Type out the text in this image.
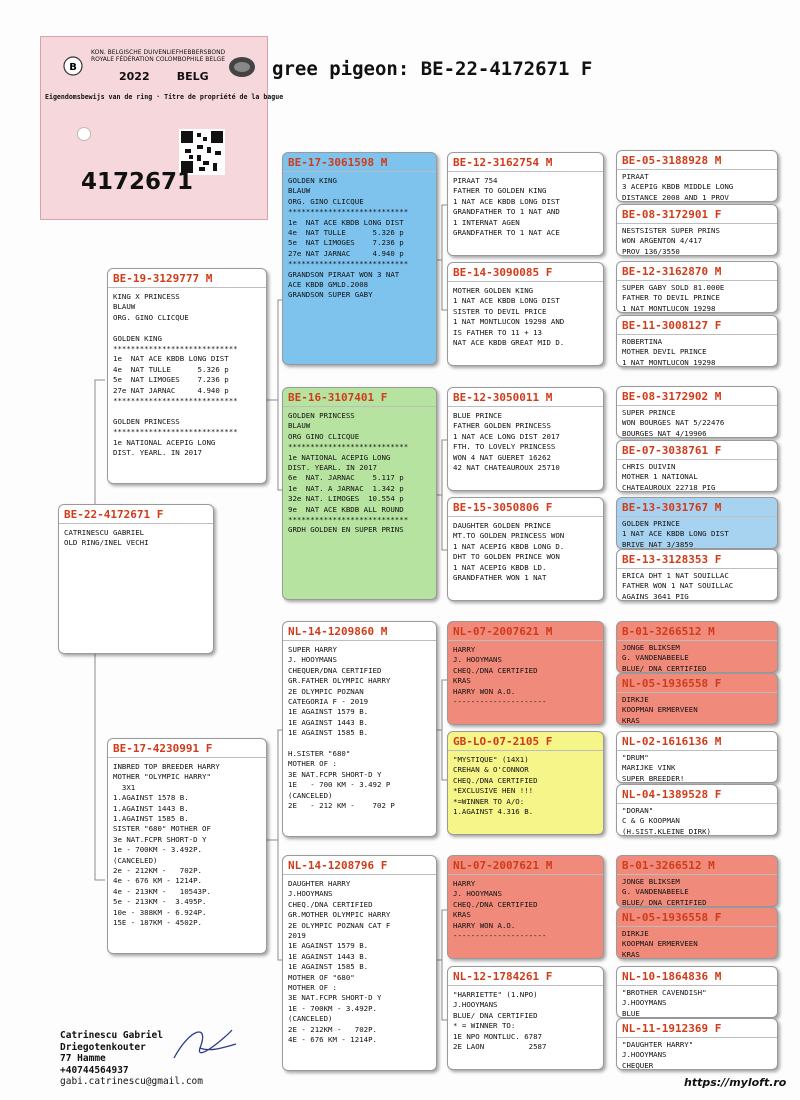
B
KON. BELGISCHE DUIVENLIEFHEBBERSBOND
ROYALE FÉDÉRATION COLOMBOPHILE BELGE
2022 BELG
Eigendomsbewijs van de ring · Titre de propriété de la bague
4172671
gree pigeon: BE-22-4172671 F
BE-22-4172671 F
CATRINESCU GABRIEL
OLD RING/INEL VECHI
BE-19-3129777 M
KING X PRINCESS
BLAUW
ORG. GINO CLICQUE

GOLDEN KING
****************************
1e  NAT ACE KBDB LONG DIST
4e  NAT TULLE      5.326 p
5e  NAT LIMOGES    7.236 p
27e NAT JARNAC     4.940 p
****************************

GOLDEN PRINCESS
****************************
1e NATIONAL ACEPIG LONG
DIST. YEARL. IN 2017
BE-17-4230991 F
INBRED TOP BREEDER HARRY
MOTHER "OLYMPIC HARRY"
3X1
1.AGAINST 1578 B.
1.AGAINST 1443 B.
1.AGAINST 1585 B.
SISTER "680" MOTHER OF
3e NAT.FCPR SHORT-D Y
1e - 700KM - 3.492P.
(CANCELED)
2e - 212KM -   702P.
4e - 676 KM - 1214P.
4e - 213KM -   10543P.
5e - 213KM -  3.495P.
10e - 388KM - 6.924P.
15E - 187KM - 4502P.
BE-17-3061598 M
GOLDEN KING
BLAUW
ORG. GINO CLICQUE
***************************
1e  NAT ACE KBDB LONG DIST
4e  NAT TULLE      5.326 p
5e  NAT LIMOGES    7.236 p
27e NAT JARNAC     4.940 p
***************************
GRANDSON PIRAAT WON 3 NAT
ACE KBDB GMLD.2008
GRANDSON SUPER GABY
BE-16-3107401 F
GOLDEN PRINCESS
BLAUW
ORG GINO CLICQUE
***************************
1e NATIONAL ACEPIG LONG
DIST. YEARL. IN 2017
6e  NAT. JARNAC    5.117 p
1e  NAT. A JARNAC  1.342 p
32e NAT. LIMOGES  10.554 p
9e  NAT ACE KBDB ALL ROUND
***************************
GRDH GOLDEN EN SUPER PRINS
NL-14-1209860 M
SUPER HARRY
J. HOOYMANS
CHEQUER/DNA CERTIFIED
GR.FATHER OLYMPIC HARRY
2E OLYMPIC POZNAN
CATEGORIA F - 2019
1E AGAINST 1579 B.
1E AGAINST 1443 B.
1E AGAINST 1585 B.

H.SISTER "680"
MOTHER OF :
3E NAT.FCPR SHORT-D Y
1E   - 700 KM - 3.492 P
(CANCELED)
2E   - 212 KM -    702 P
NL-14-1208796 F
DAUGHTER HARRY
J.HOOYMANS
CHEQ./DNA CERTIFIED
GR.MOTHER OLYMPIC HARRY
2E OLYMPIC POZNAN CAT F
2019
1E AGAINST 1579 B.
1E AGAINST 1443 B.
1E AGAINST 1585 B.
MOTHER OF "680"
MOTHER OF :
3E NAT.FCPR SHORT-D Y
1E - 700KM - 3.492P.
(CANCELED)
2E - 212KM -   702P.
4E - 676 KM - 1214P.
BE-12-3162754 M
PIRAAT 754
FATHER TO GOLDEN KING
1 NAT ACE KBDB LONG DIST
GRANDFATHER TO 1 NAT AND
1 INTERNAT AGEN
GRANDFATHER TO 1 NAT ACE
BE-14-3090085 F
MOTHER GOLDEN KING
1 NAT ACE KBDB LONG DIST
SISTER TO DEVIL PRICE
1 NAT MONTLUCON 19298 AND
IS FATHER TO 11 + 13
NAT ACE KBDB GREAT MID D.
BE-12-3050011 M
BLUE PRINCE
FATHER GOLDEN PRINCESS
1 NAT ACE LONG DIST 2017
FTH. TO LOVELY PRINCESS
WON 4 NAT GUERET 16262
42 NAT CHATEAUROUX 25710
BE-15-3050806 F
DAUGHTER GOLDEN PRINCE
MT.TO GOLDEN PRINCESS WON
1 NAT ACEPIG KBDB LONG D.
DHT TO GOLDEN PRINCE WON
1 NAT ACEPIG KBDB LD.
GRANDFATHER WON 1 NAT
NL-07-2007621 M
HARRY
J. HOOYMANS
CHEQ./DNA CERTIFIED
KRAS
HARRY WON A.O.
---------------------
GB-LO-07-2105 F
"MYSTIQUE" (14X1)
CREHAN & O'CONNOR
CHEQ./DNA CERTIFIED
*EXCLUSIVE HEN !!!
*=WINNER TO A/O:
1.AGAINST 4.316 B.
NL-07-2007621 M
HARRY
J. HOOYMANS
CHEQ./DNA CERTIFIED
KRAS
HARRY WON A.O.
---------------------
NL-12-1784261 F
"HARRIETTE" (1.NPO)
J.HOOYMANS
BLUE/ DNA CERTIFIED
* = WINNER TO:
1E NPO MONTLUC. 6787
2E LAON          2587
BE-05-3188928 M
PIRAAT
3 ACEPIG KBDB MIDDLE LONG
DISTANCE 2008 AND 1 PROV
BE-08-3172901 F
NESTSISTER SUPER PRINS
WON ARGENTON 4/417
PROV 136/3550
BE-12-3162870 M
SUPER GABY SOLD 81.000E
FATHER TO DEVIL PRINCE
1 NAT MONTLUCON 19298
BE-11-3008127 F
ROBERTINA
MOTHER DEVIL PRINCE
1 NAT MONTLUCON 19298
BE-08-3172902 M
SUPER PRINCE
WON BOURGES NAT 5/22476
BOURGES NAT 4/19906
BE-07-3038761 F
CHRIS DUIVIN
MOTHER 1 NATIONAL
CHATEAUROUX 22718 PIG
BE-13-3031767 M
GOLDEN PRINCE
1 NAT ACE KBDB LONG DIST
BRIVE NAT 3/3859
BE-13-3128353 F
ERICA DHT 1 NAT SOUILLAC
FATHER WON 1 NAT SOUILLAC
AGAINS 3641 PIG
B-01-3266512 M
JONGE BLIKSEM
G. VANDENABEELE
BLUE/ DNA CERTIFIED
NL-05-1936558 F
DIRKJE
KOOPMAN ERMERVEEN
KRAS
NL-02-1616136 M
"DRUM"
MARIJKE VINK
SUPER BREEDER!
NL-04-1389528 F
"DORAN"
C & G KOOPMAN
(H.SIST.KLEINE DIRK)
B-01-3266512 M
JONGE BLIKSEM
G. VANDENABEELE
BLUE/ DNA CERTIFIED
NL-05-1936558 F
DIRKJE
KOOPMAN ERMERVEEN
KRAS
NL-10-1864836 M
"BROTHER CAVENDISH"
J.HOOYMANS
BLUE
NL-11-1912369 F
"DAUGHTER HARRY"
J.HOOYMANS
CHEQUER
Catrinescu Gabriel
Driegotenkouter
77 Hamme
+40744564937
gabi.catrinescu@gmail.com	https://myloft.ro
